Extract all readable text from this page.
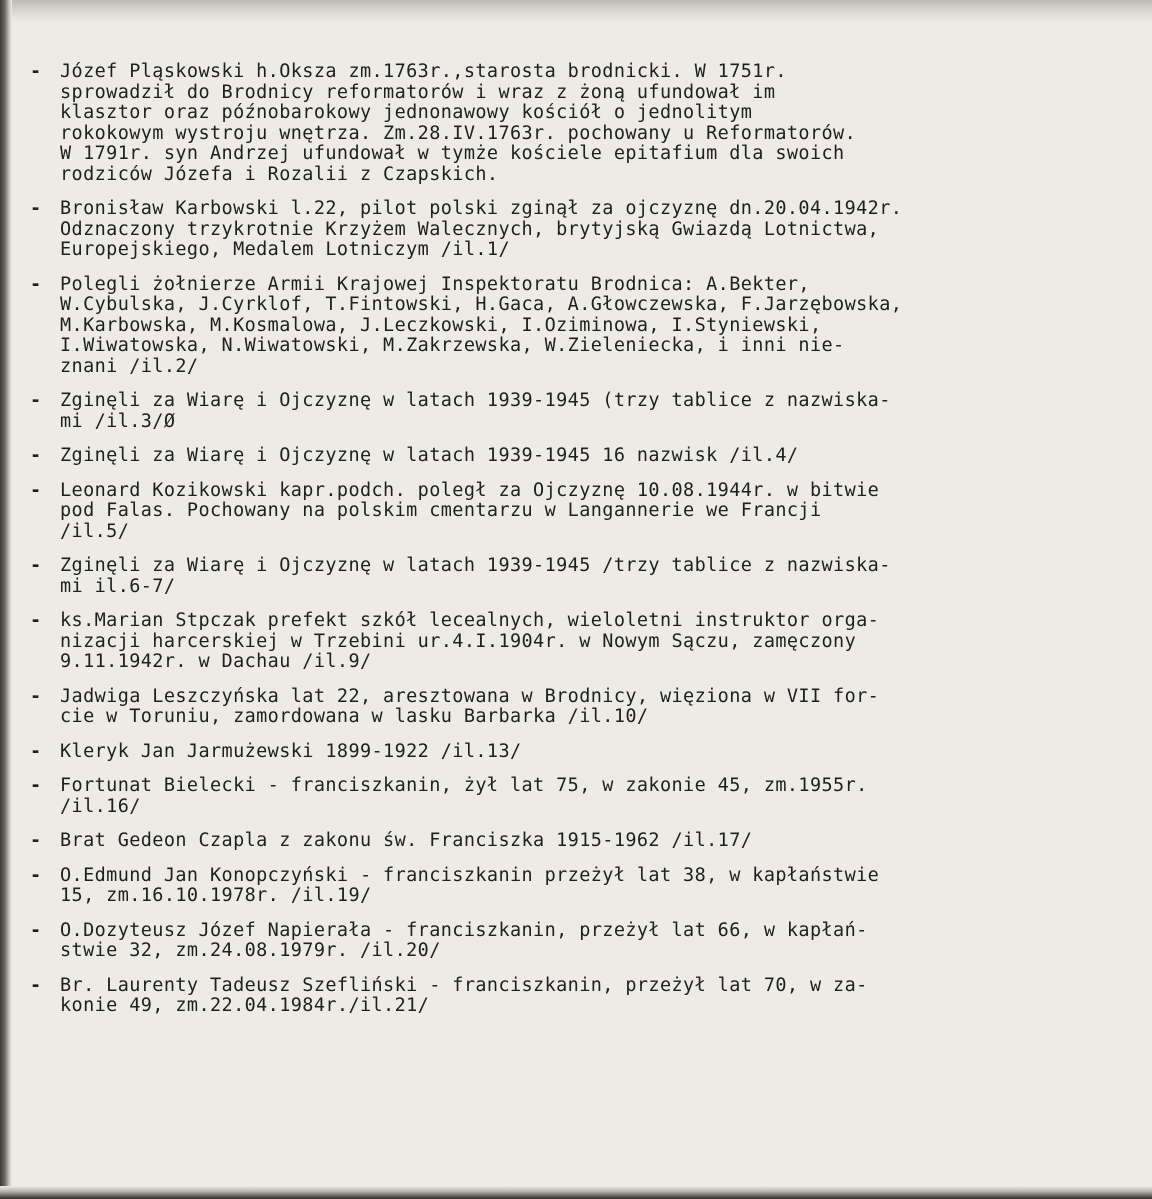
- Józef Pląskowski h.Oksza zm.1763r.,starosta brodnicki. W 1751r.
sprowadził do Brodnicy reformatorów i wraz z żoną ufundował im
klasztor oraz późnobarokowy jednonawowy kościół o jednolitym
rokokowym wystroju wnętrza. Zm.28.IV.1763r. pochowany u Reformatorów.
W 1791r. syn Andrzej ufundował w tymże kościele epitafium dla swoich
rodziców Józefa i Rozalii z Czapskich.
- Bronisław Karbowski l.22, pilot polski zginął za ojczyznę dn.20.04.1942r.
Odznaczony trzykrotnie Krzyżem Walecznych, brytyjską Gwiazdą Lotnictwa,
Europejskiego, Medalem Lotniczym /il.1/
- Polegli żołnierze Armii Krajowej Inspektoratu Brodnica: A.Bekter,
W.Cybulska, J.Cyrklof, T.Fintowski, H.Gaca, A.Głowczewska, F.Jarzębowska,
M.Karbowska, M.Kosmalowa, J.Leczkowski, I.Oziminowa, I.Styniewski,
I.Wiwatowska, N.Wiwatowski, M.Zakrzewska, W.Zieleniecka, i inni nie-
znani /il.2/
- Zginęli za Wiarę i Ojczyznę w latach 1939-1945 (trzy tablice z nazwiska-
mi /il.3/Ø
- Zginęli za Wiarę i Ojczyznę w latach 1939-1945 16 nazwisk /il.4/
- Leonard Kozikowski kapr.podch. poległ za Ojczyznę 10.08.1944r. w bitwie
pod Falas. Pochowany na polskim cmentarzu w Langannerie we Francji
/il.5/
- Zginęli za Wiarę i Ojczyznę w latach 1939-1945 /trzy tablice z nazwiska-
mi il.6-7/
- ks.Marian Stpczak prefekt szkół lecealnych, wieloletni instruktor orga-
nizacji harcerskiej w Trzebini ur.4.I.1904r. w Nowym Sączu, zamęczony
9.11.1942r. w Dachau /il.9/
- Jadwiga Leszczyńska lat 22, aresztowana w Brodnicy, więziona w VII for-
cie w Toruniu, zamordowana w lasku Barbarka /il.10/
- Kleryk Jan Jarmużewski 1899-1922 /il.13/
- Fortunat Bielecki - franciszkanin, żył lat 75, w zakonie 45, zm.1955r.
/il.16/
- Brat Gedeon Czapla z zakonu św. Franciszka 1915-1962 /il.17/
- O.Edmund Jan Konopczyński - franciszkanin przeżył lat 38, w kapłaństwie
15, zm.16.10.1978r. /il.19/
- O.Dozyteusz Józef Napierała - franciszkanin, przeżył lat 66, w kapłań-
stwie 32, zm.24.08.1979r. /il.20/
- Br. Laurenty Tadeusz Szefliński - franciszkanin, przeżył lat 70, w za-
konie 49, zm.22.04.1984r./il.21/
